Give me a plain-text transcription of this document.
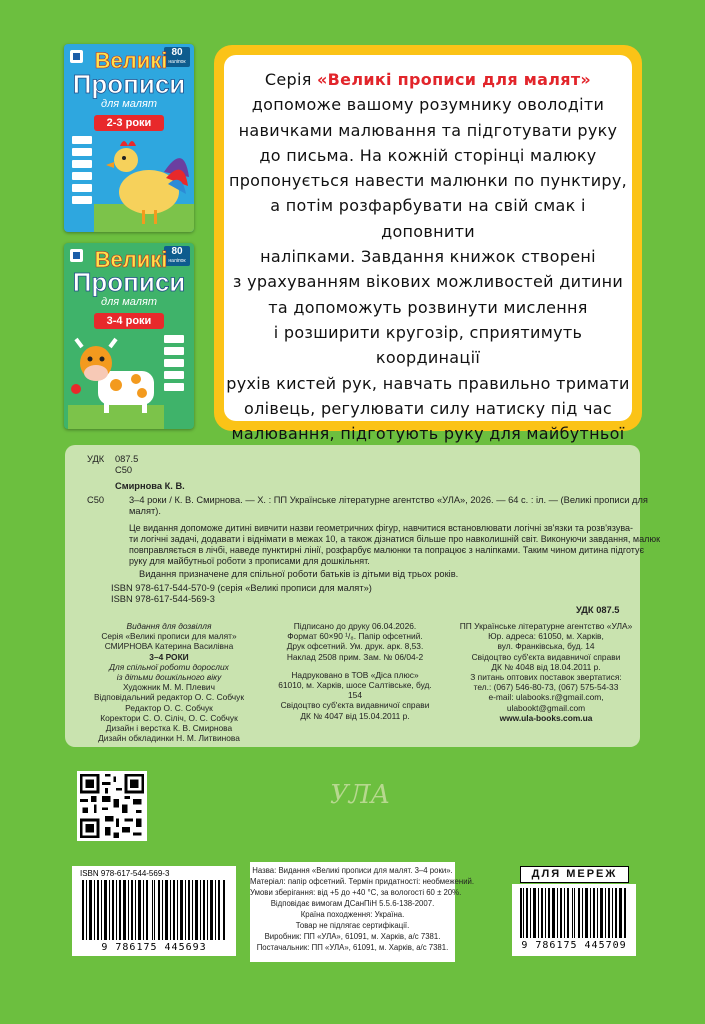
80
наліпок
Великі
Прописи
для малят
2-3 роки
80
наліпок
Великі
Прописи
для малят
3-4 роки
Серія «Великі прописи для малят»
допоможе вашому розумнику оволодіти
навичками малювання та підготувати руку
до письма. На кожній сторінці малюку
пропонується навести малюнки по пунктиру,
а потім розфарбувати на свій смак і доповнити
наліпками. Завдання книжок створені
з урахуванням вікових можливостей дитини
та допоможуть розвинути мислення
і розширити кругозір, сприятимуть координації
рухів кистей рук, навчать правильно тримати
олівець, регулювати силу натиску під час
малювання, підготують руку для майбутньої
УДК 087.5
С50
Смирнова К. В.
С50	3–4 роки / К. В. Смирнова. — Х. : ПП Українське літературне агентство «УЛА», 2026. — 64 с. : іл. — (Великі прописи для
малят).
Це видання допоможе дитині вивчити назви геометричних фігур, навчитися встановлювати логічні зв'язки та розв'язува-
ти логічні задачі, додавати і віднімати в межах 10, а також дізнатися більше про навколишній світ. Виконуючи завдання, малюк
повправляється в лічбі, наведе пунктирні лінії, розфарбує малюнки та попрацює з наліпками. Таким чином дитина підготує
руку для майбутньої роботи з прописами для дошкільнят.
Видання призначене для спільної роботи батьків із дітьми від трьох років.
ISBN 978-617-544-570-9 (серія «Великі прописи для малят»)
ISBN 978-617-544-569-3
УДК 087.5
Видання для дозвілля
Серія «Великі прописи для малят»
СМИРНОВА Катерина Василівна
3–4 РОКИ
Для спільної роботи дорослих
із дітьми дошкільного віку
Художник М. М. Плевич
Відповідальний редактор О. С. Собчук
Редактор О. С. Собчук
Коректори С. О. Сіліч, О. С. Собчук
Дизайн і верстка К. В. Смирнова
Дизайн обкладинки Н. М. Литвинова
Підписано до друку 06.04.2026.
Формат 60×90 ¹/₈. Папір офсетний.
Друк офсетний. Ум. друк. арк. 8,53.
Наклад 2508 прим. Зам. № 06/04-2
Надруковано в ТОВ «Діса плюс»
61010, м. Харків, шосе Салтівське, буд. 154
Свідоцтво суб'єкта видавничої справи
ДК № 4047 від 15.04.2011 р.
ПП Українське літературне агентство «УЛА»
Юр. адреса: 61050, м. Харків,
вул. Франківська, буд. 14
Свідоцтво суб'єкта видавничої справи
ДК № 4048 від 18.04.2011 р.
З питань оптових поставок звертатися:
тел.: (067) 546-80-73, (067) 575-54-33
e-mail: ulabooks.r@gmail.com,
ulabookt@gmail.com
www.ula-books.com.ua
УЛА
ISBN 978-617-544-569-3
9 786175 445693
Назва: Видання «Великі прописи для малят. 3–4 роки».
Матеріал: папір офсетний. Термін придатності: необмежений.
Умови зберігання: від +5 до +40 °С, за вологості 60 ± 20%.
Відповідає вимогам ДСанПіН 5.5.6-138-2007.
Країна походження: Україна.
Товар не підлягає сертифікації.
Виробник: ПП «УЛА», 61091, м. Харків, а/с 7381.
Постачальник: ПП «УЛА», 61091, м. Харків, а/с 7381.
ДЛЯ МЕРЕЖ
9 786175 445709
